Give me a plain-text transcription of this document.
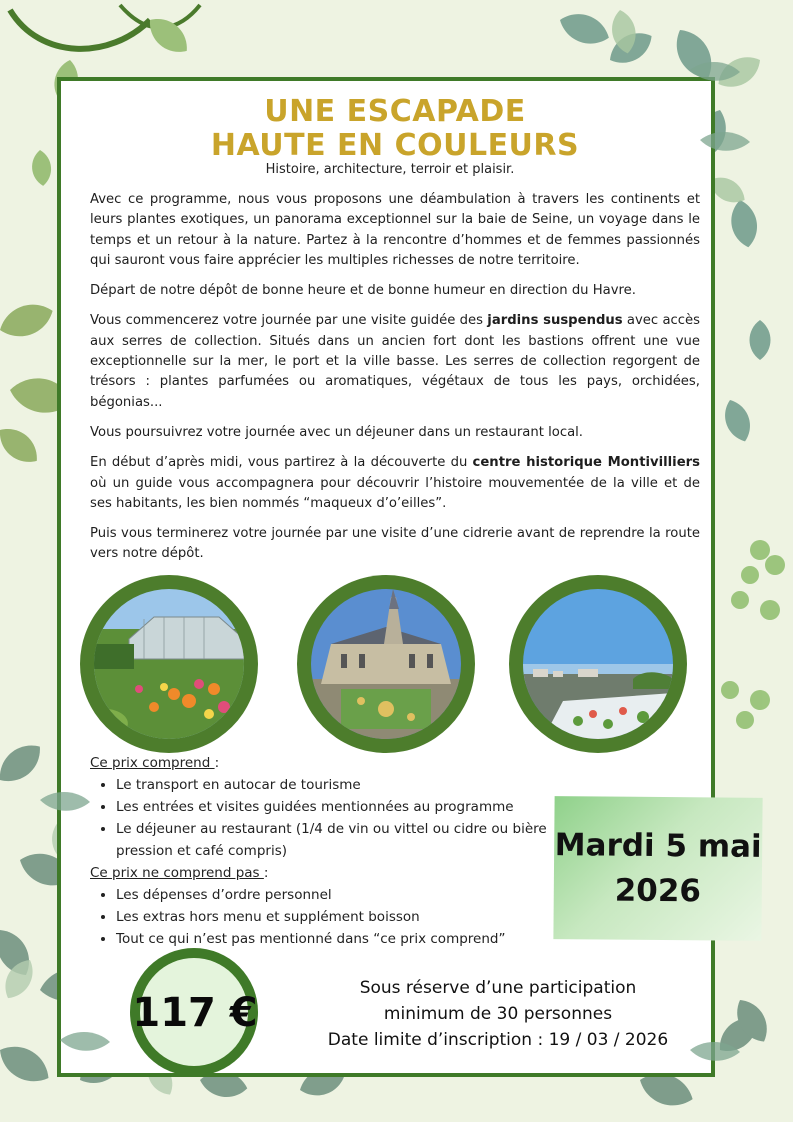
UNE ESCAPADE
HAUTE EN COULEURS
Histoire, architecture, terroir et plaisir.

Avec ce programme, nous vous proposons une déambulation à travers les continents et leurs plantes exotiques, un panorama exceptionnel sur la baie de Seine, un voyage dans le temps et un retour à la nature. Partez à la rencontre d’hommes et de femmes passionnés qui sauront vous faire apprécier les multiples richesses de notre territoire.

Départ de notre dépôt de bonne heure et de bonne humeur en direction du Havre.

Vous commencerez votre journée par une visite guidée des jardins suspendus avec accès aux serres de collection. Situés dans un ancien fort dont les bastions offrent une vue exceptionnelle sur la mer, le port et la ville basse. Les serres de collection regorgent de trésors : plantes parfumées ou aromatiques, végétaux de tous les pays, orchidées, bégonias...

Vous poursuivrez votre journée avec un déjeuner dans un restaurant local.

En début d’après midi, vous partirez à la découverte du centre historique Montivilliers où un guide vous accompagnera pour découvrir l’histoire mouvementée de la ville et de ses habitants, les bien nommés “maqueux d’o’eilles”.

Puis vous terminerez votre journée par une visite d’une cidrerie avant de reprendre la route vers notre dépôt.

Ce prix comprend :
• Le transport en autocar de tourisme
• Les entrées et visites guidées mentionnées au programme
• Le déjeuner au restaurant (1/4 de vin ou vittel ou cidre ou bière pression et café compris)
Ce prix ne comprend pas :
• Les dépenses d’ordre personnel
• Les extras hors menu et supplément boisson
• Tout ce qui n’est pas mentionné dans “ce prix comprend”
Mardi 5 mai
2026
117 €
Sous réserve d’une participation
minimum de 30 personnes
Date limite d’inscription : 19 / 03 / 2026
